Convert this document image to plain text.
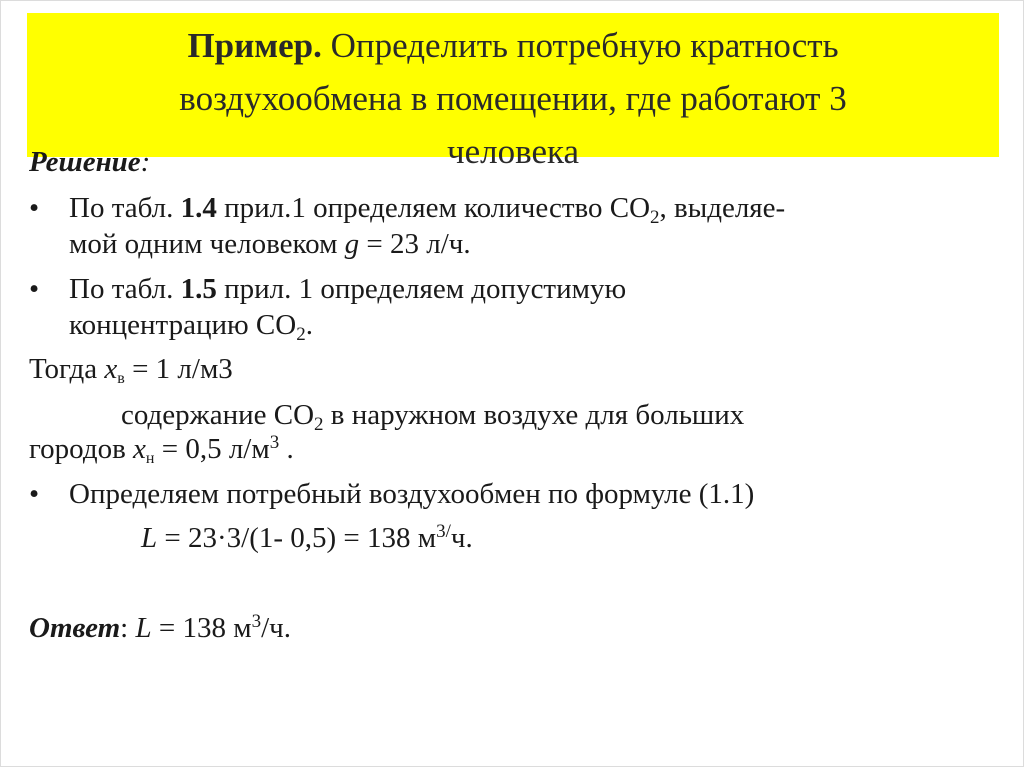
Пример. Определить потребную кратность
воздухообмена в помещении, где работают 3
человека
Решение:
• По табл. 1.4 прил.1 определяем количество $СО_2$, выделяе-
мой одним человеком g = 23 л/ч.
• По табл. 1.5 прил. 1 определяем допустимую
концентрацию $СО_2$.
Тогда $x_в = 1$ л/м3
содержание $СО_2$ в наружном воздухе для больших
городов $x_н = 0,5$ $л/м^3$ .
• Определяем потребный воздухообмен по формуле (1.1)
L = 23·3/(1- 0,5) = 138 $м^{3/}ч$.
Ответ: L = 138 $м^3/ч$.
